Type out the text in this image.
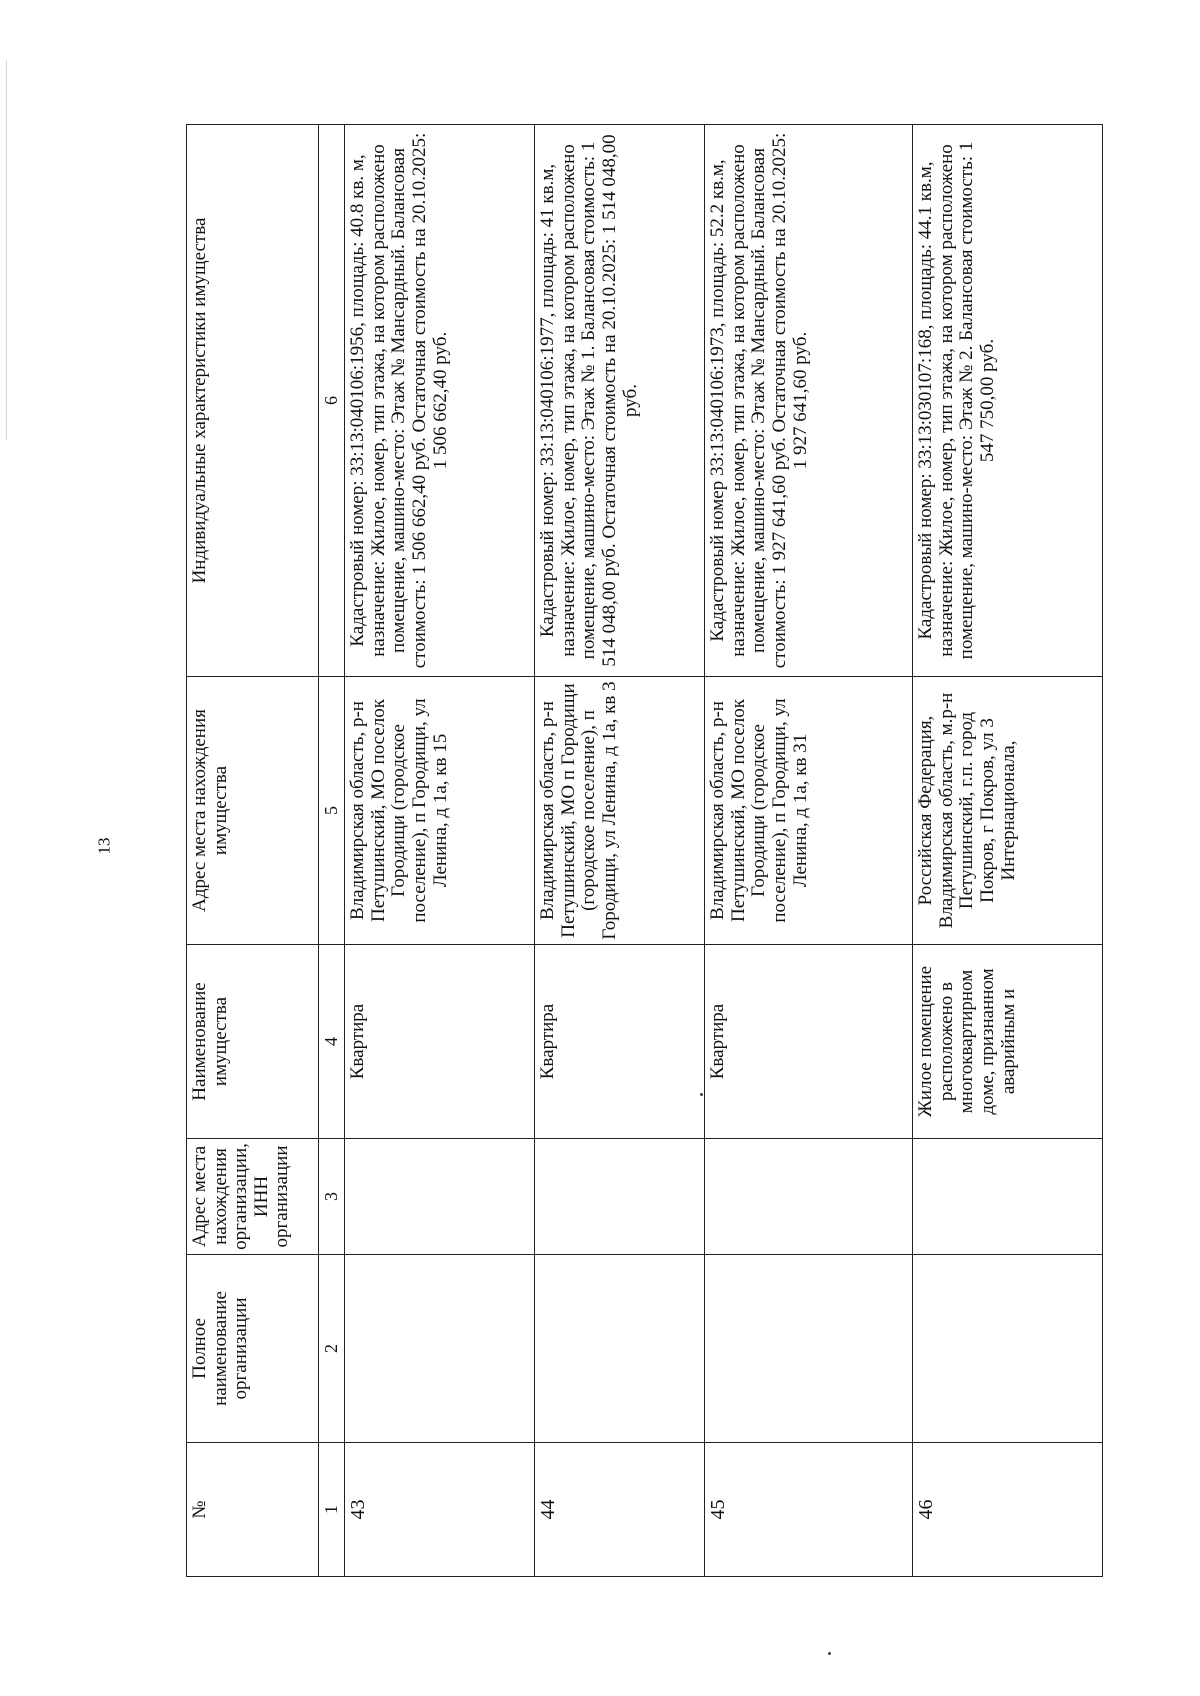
13
№	Полное наименование организации	Адрес места нахождения организации, ИНН организации	Наименование имущества	Адрес места нахождения имущества	Индивидуальные характеристики имущества
1	2	3	4	5	6
43			Квартира	Владимирская область, р-н Петушинский, МО поселок Городищи (городское поселение), п Городищи, ул Ленина, д 1а, кв 15	Кадастровый номер: 33:13:040106:1956, площадь: 40.8 кв. м, назначение: Жилое, номер, тип этажа, на котором расположено помещение, машино-место: Этаж № Мансардный. Балансовая стоимость: 1 506 662,40 руб. Остаточная стоимость на 20.10.2025: 1 506 662,40 руб.
44			Квартира	Владимирская область, р-н Петушинский, МО п Городищи (городское поселение), п Городищи, ул Ленина, д 1а, кв 3	Кадастровый номер: 33:13:040106:1977, площадь: 41 кв.м, назначение: Жилое, номер, тип этажа, на котором расположено помещение, машино-место: Этаж № 1. Балансовая стоимость: 1 514 048,00 руб. Остаточная стоимость на 20.10.2025: 1 514 048,00 руб.
45			Квартира	Владимирская область, р-н Петушинский, МО поселок Городищи (городское поселение), п Городищи, ул Ленина, д 1а, кв 31	Кадастровый номер 33:13:040106:1973, площадь: 52.2 кв.м, назначение: Жилое, номер, тип этажа, на котором расположено помещение, машино-место: Этаж № Мансардный. Балансовая стоимость: 1 927 641,60 руб. Остаточная стоимость на 20.10.2025: 1 927 641,60 руб.
46			Жилое помещение расположено в многоквартирном доме, признанном аварийным и	Российская Федерация, Владимирская область, м.р-н Петушинский, г.п. город Покров, г Покров, ул 3 Интернационала,	Кадастровый номер: 33:13:030107:168, площадь: 44.1 кв.м, назначение: Жилое, номер, тип этажа, на котором расположено помещение, машино-место: Этаж № 2. Балансовая стоимость: 1 547 750,00 руб.
